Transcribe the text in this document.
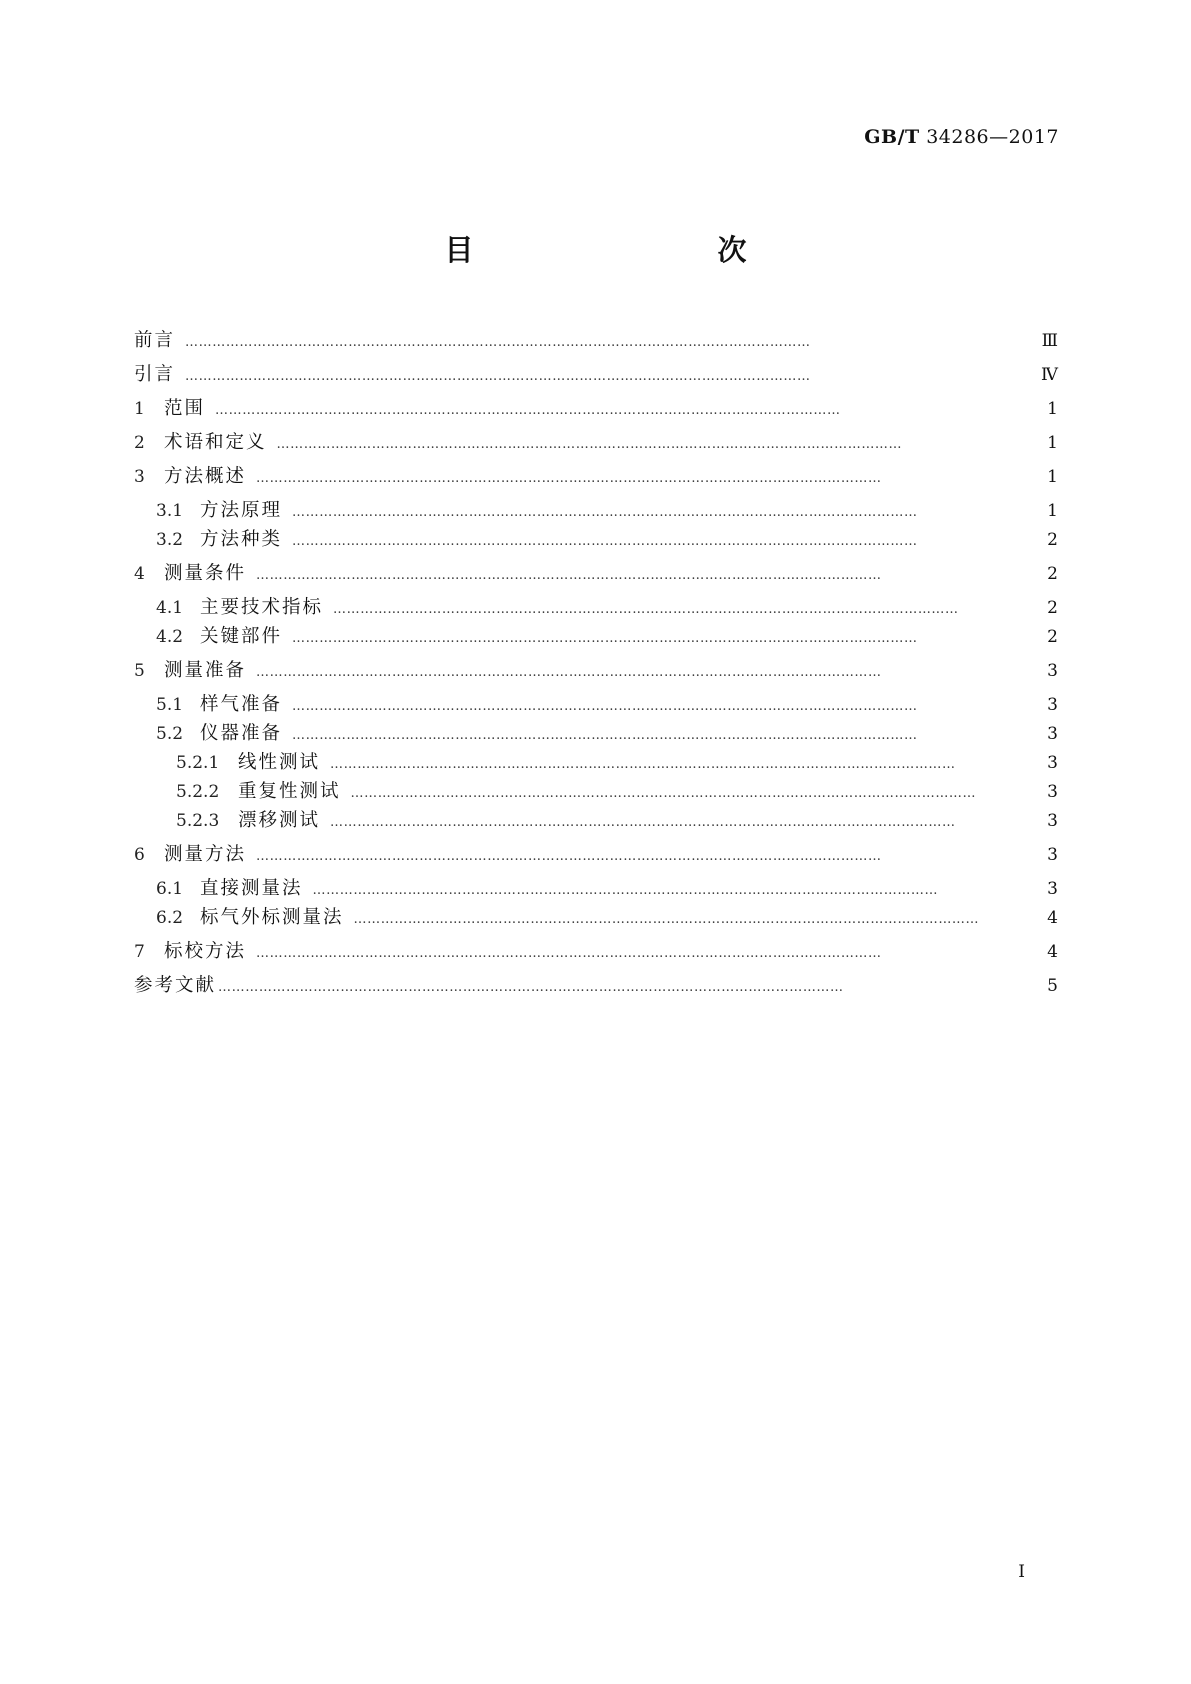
GB/T 34286—2017
目　　次
前言 …………………………………………………………………………………………………………………………	Ⅲ
引言 …………………………………………………………………………………………………………………………	Ⅳ
1	范围 …………………………………………………………………………………………………………………………	1
2	术语和定义 …………………………………………………………………………………………………………………………	1
3	方法概述 …………………………………………………………………………………………………………………………	1
3.1 方法原理 …………………………………………………………………………………………………………………………	1
3.2 方法种类 …………………………………………………………………………………………………………………………	2
4	测量条件 …………………………………………………………………………………………………………………………	2
4.1 主要技术指标 …………………………………………………………………………………………………………………………	2
4.2 关键部件 …………………………………………………………………………………………………………………………	2
5	测量准备 …………………………………………………………………………………………………………………………	3
5.1 样气准备 …………………………………………………………………………………………………………………………	3
5.2 仪器准备 …………………………………………………………………………………………………………………………	3
5.2.1	线性测试 …………………………………………………………………………………………………………………………	3
5.2.2	重复性测试 …………………………………………………………………………………………………………………………	3
5.2.3	漂移测试 …………………………………………………………………………………………………………………………	3
6	测量方法 …………………………………………………………………………………………………………………………	3
6.1 直接测量法 …………………………………………………………………………………………………………………………	3
6.2 标气外标测量法 …………………………………………………………………………………………………………………………	4
7	标校方法 …………………………………………………………………………………………………………………………	4
参考文献 …………………………………………………………………………………………………………………………	5
I
